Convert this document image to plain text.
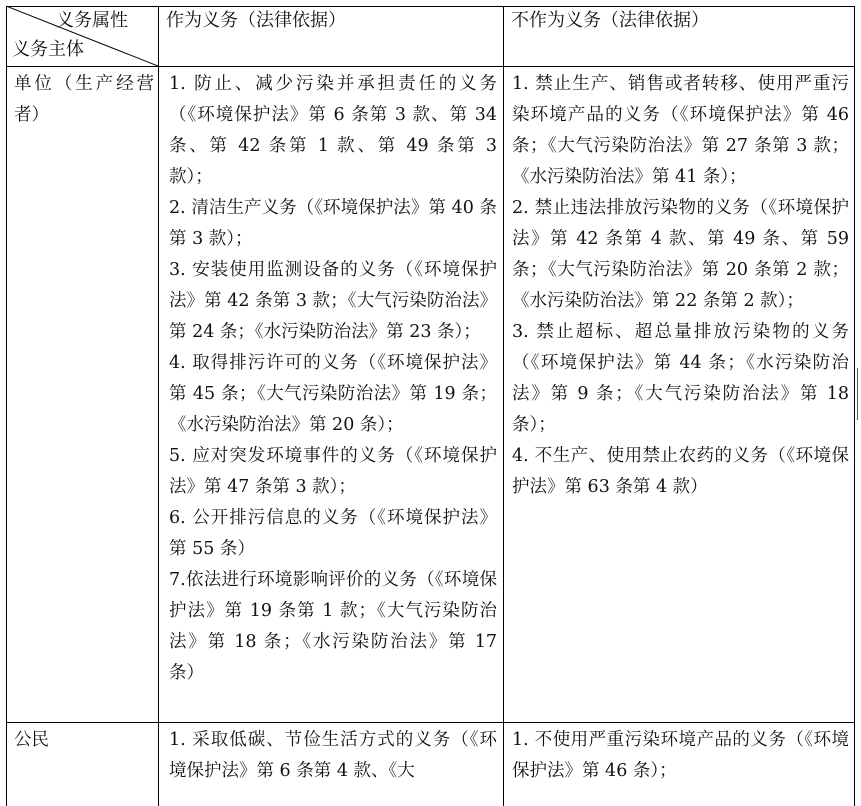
义务属性
义务主体
作为义务（法律依据）	不作为义务（法律依据）
单位（生产经营者）

1. 防止、减少污染并承担责任的义务（《环境保护法》第 6 条第 3 款、第 34 条、第 42 条第 1 款、第 49 条第 3 款）；

2. 清洁生产义务（《环境保护法》第 40 条第 3 款）；

3. 安装使用监测设备的义务（《环境保护法》第 42 条第 3 款；《大气污染防治法》第 24 条；《水污染防治法》第 23 条）；

4. 取得排污许可的义务（《环境保护法》第 45 条；《大气污染防治法》第 19 条；《水污染防治法》第 20 条）；

5. 应对突发环境事件的义务（《环境保护法》第 47 条第 3 款）；

6. 公开排污信息的义务（《环境保护法》第 55 条）

7.依法进行环境影响评价的义务（《环境保护法》第 19 条第 1 款；《大气污染防治法》第 18 条；《水污染防治法》第 17 条）

1. 禁止生产、销售或者转移、使用严重污染环境产品的义务（《环境保护法》第 46 条；《大气污染防治法》第 27 条第 3 款；《水污染防治法》第 41 条）；

2. 禁止违法排放污染物的义务（《环境保护法》第 42 条第 4 款、第 49 条、第 59 条；《大气污染防治法》第 20 条第 2 款；《水污染防治法》第 22 条第 2 款）；

3. 禁止超标、超总量排放污染物的义务（《环境保护法》第 44 条；《水污染防治法》第 9 条；《大气污染防治法》第 18 条）；

4. 不生产、使用禁止农药的义务（《环境保护法》第 63 条第 4 款）

公民	1. 采取低碳、节俭生活方式的义务（《环境保护法》第 6 条第 4 款、《大

1. 不使用严重污染环境产品的义务（《环境保护法》第 46 条）；
